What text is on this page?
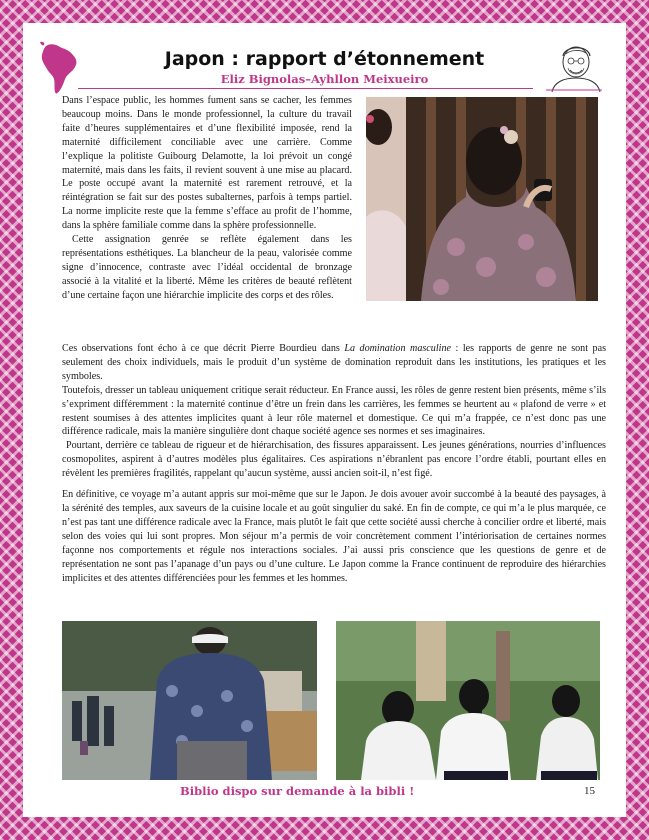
Japon : rapport d’étonnement
Eliz Bignolas–Ayhllon Meixueiro

Dans l’espace public, les hommes fument sans se cacher, les femmes beaucoup moins. Dans le monde professionnel, la culture du travail faite d’heures supplémentaires et d’une flexibilité imposée, rend la maternité difficilement conciliable avec une carrière. Comme l’explique la politiste Guibourg Delamotte, la loi prévoit un congé maternité, mais dans les faits, il revient souvent à une mise au placard. Le poste occupé avant la maternité est rarement retrouvé, et la réintégration se fait sur des postes subalternes, parfois à temps partiel. La norme implicite reste que la femme s’efface au profit de l’homme, dans la sphère familiale comme dans la sphère professionnelle.

Cette assignation genrée se reflète également dans les représentations esthétiques. La blancheur de la peau, valorisée comme signe d’innocence, contraste avec l’idéal occidental de bronzage associé à la vitalité et la liberté. Même les critères de beauté reflètent d’une certaine façon une hiérarchie implicite des corps et des rôles.

Ces observations font écho à ce que décrit Pierre Bourdieu dans La domination masculine : les rapports de genre ne sont pas seulement des choix individuels, mais le produit d’un système de domination reproduit dans les institutions, les pratiques et les symboles.

Toutefois, dresser un tableau uniquement critique serait réducteur. En France aussi, les rôles de genre restent bien présents, même s’ils s’expriment différemment : la maternité continue d’être un frein dans les carrières, les femmes se heurtent au « plafond de verre » et restent soumises à des attentes implicites quant à leur rôle maternel et domestique. Ce qui m’a frappée, ce n’est donc pas une différence radicale, mais la manière singulière dont chaque société agence ses normes et ses imaginaires.

Pourtant, derrière ce tableau de rigueur et de hiérarchisation, des fissures apparaissent. Les jeunes générations, nourries d’influences cosmopolites, aspirent à d’autres modèles plus égalitaires. Ces aspirations n’ébranlent pas encore l’ordre établi, pourtant elles en révèlent les premières fragilités, rappelant qu’aucun système, aussi ancien soit-il, n’est figé.

En définitive, ce voyage m’a autant appris sur moi-même que sur le Japon. Je dois avouer avoir succombé à la beauté des paysages, à la sérénité des temples, aux saveurs de la cuisine locale et au goût singulier du saké. En fin de compte, ce qui m’a le plus marquée, ce n’est pas tant une différence radicale avec la France, mais plutôt le fait que cette société aussi cherche à concilier ordre et liberté, mais selon des voies qui lui sont propres. Mon séjour m’a permis de voir concrètement comment l’intériorisation de certaines normes façonne nos comportements et régule nos interactions sociales. J’ai aussi pris conscience que les questions de genre et de représentation ne sont pas l’apanage d’un pays ou d’une culture. Le Japon comme la France continuent de reproduire des hiérarchies implicites et des attentes différenciées pour les femmes et les hommes.

Biblio dispo sur demande à la bibli !	15
